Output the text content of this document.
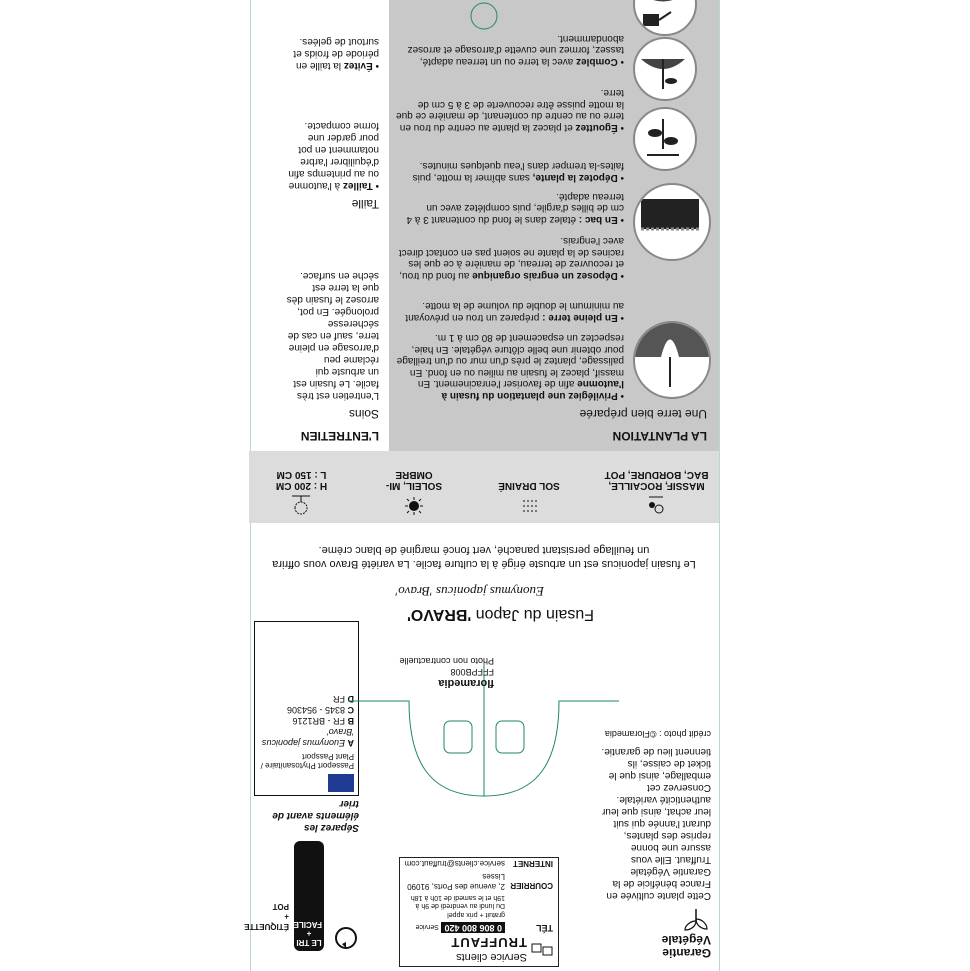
Garantie
Végétale
Cette plante cultivée en France bénéficie de la Garantie Végétale Truffaut. Elle vous assure une bonne reprise des plantes, durant l'année qui suit leur achat, ainsi que leur authenticité variétale. Conservez cet emballage, ainsi que le ticket de caisse, ils tiennent lieu de garantie.
crédit photo : ©Floramedia
Service clients
TRUFFAUT
TÉL
0 806 800 420 Service gratuit + prix appel
Du lundi au vendredi de 9h à 19h et le samedi de 10h à 18h
COURRIER
2, avenue des Ports, 91090 Lisses
INTERNET
service.clients@truffaut.com
LE TRI + FACILE
ÉTIQUETTE
+
POT
Séparez les éléments avant de trier
Passeport Phytosanitaire / Plant Passport
A Euonymus japonicus 'Bravo'
B FR - BR1216
C 8345 - 954306
D FR
floramedia
FFFPB008
Photo non contractuelle
Fusain du Japon 'BRAVO'
Euonymus japonicus 'Bravo'
Le fusain japonicus est un arbuste érigé à la culture facile. La variété Bravo vous offrira un feuillage persistant panaché, vert foncé marginé de blanc crème.
MASSIF, ROCAILLE, BAC, BORDURE, POT
SOL DRAINÉ
SOLEIL, MI-OMBRE
H : 200 CM
L : 150 CM
LA PLANTATION
Une terre bien préparée
• Privilégiez une plantation du fusain à l'automne afin de favoriser l'enracinement. En massif, placez le fusain au milieu ou en fond. En palissage, plantez le près d'un mur ou d'un treillage pour obtenir une belle clôture végétale. En haie, respectez un espacement de 80 cm à 1 m.
• En pleine terre : préparez un trou en prévoyant au minimum le double du volume de la motte.
• Déposez un engrais organique au fond du trou, et recouvrez de terreau, de manière à ce que les racines de la plante ne soient pas en contact direct avec l'engrais.
• En bac : étalez dans le fond du contenant 3 à 4 cm de billes d'argile, puis complétez avec un terreau adapté.
• Dépotez la plante, sans abîmer la motte, puis faites-la tremper dans l'eau quelques minutes.
• Égouttez et placez la plante au centre du trou en terre ou au centre du contenant, de manière ce que la motte puisse être recouverte de 3 à 5 cm de terre.
• Comblez avec la terre ou un terreau adapté, tassez, formez une cuvette d'arrosage et arrosez abondamment.
L'ENTRETIEN
Soins
L'entretien est très facile. Le fusain est un arbuste qui réclame peu d'arrosage en pleine terre, sauf en cas de sécheresse prolongée. En pot, arrosez le fusain dès que la terre est sèche en surface.
Taille
• Taillez à l'automne ou au printemps afin d'équilibrer l'arbre notamment en pot pour garder une forme compacte.
• Évitez la taille en période de froids et surtout de gelées.
